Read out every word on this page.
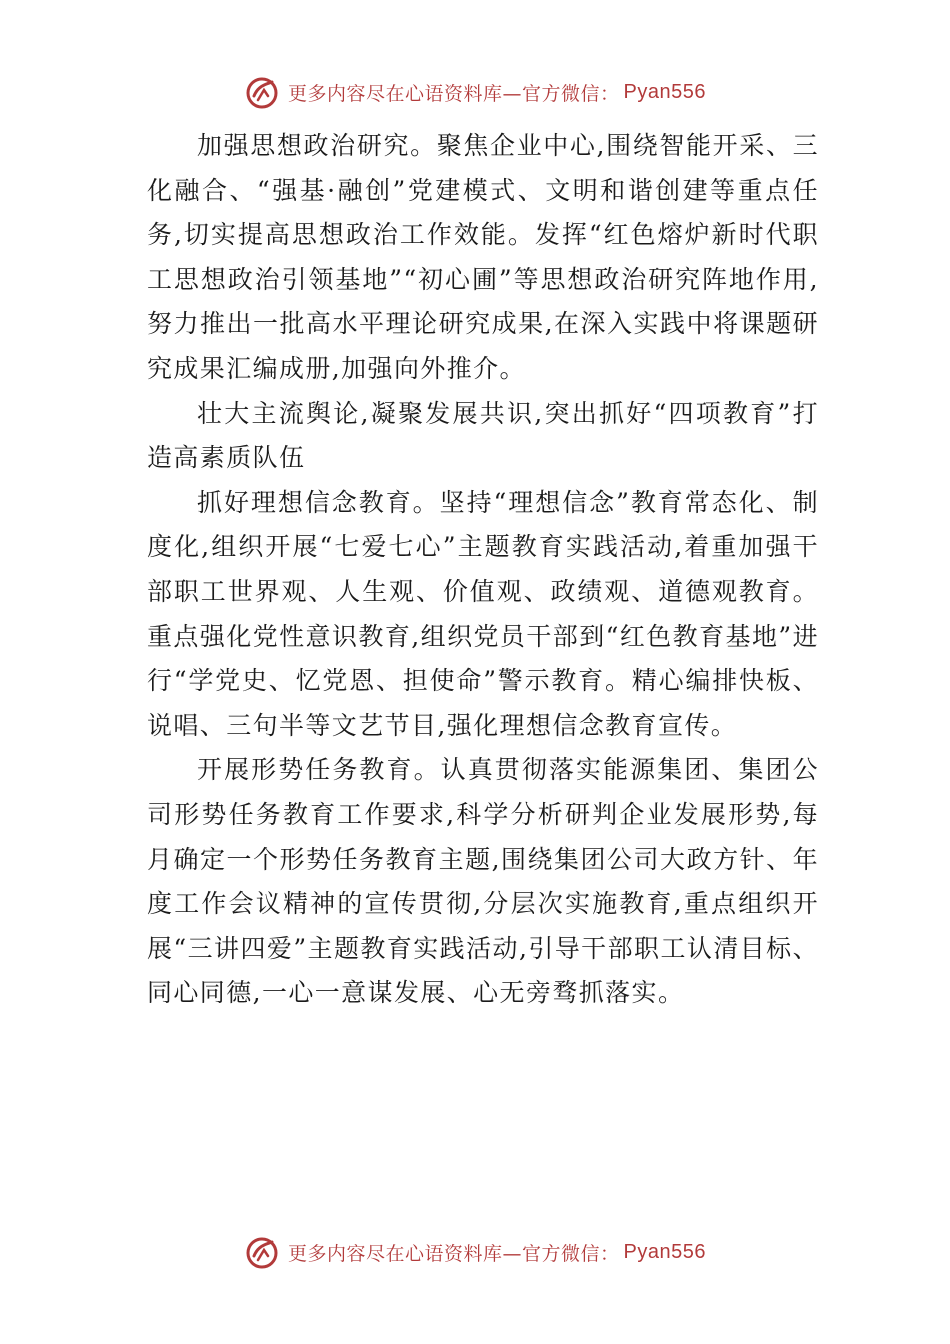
更多内容尽在心语资料库—官方微信： Pyan556

加强思想政治研究。聚焦企业中心,围绕智能开采、三化融合、“强基·融创”党建模式、文明和谐创建等重点任务,切实提高思想政治工作效能。发挥“红色熔炉新时代职工思想政治引领基地”“初心圃”等思想政治研究阵地作用,努力推出一批高水平理论研究成果,在深入实践中将课题研究成果汇编成册,加强向外推介。

壮大主流舆论,凝聚发展共识,突出抓好“四项教育”打造高素质队伍

抓好理想信念教育。坚持“理想信念”教育常态化、制度化,组织开展“七爱七心”主题教育实践活动,着重加强干部职工世界观、人生观、价值观、政绩观、道德观教育。重点强化党性意识教育,组织党员干部到“红色教育基地”进行“学党史、忆党恩、担使命”警示教育。精心编排快板、说唱、三句半等文艺节目,强化理想信念教育宣传。

开展形势任务教育。认真贯彻落实能源集团、集团公司形势任务教育工作要求,科学分析研判企业发展形势,每月确定一个形势任务教育主题,围绕集团公司大政方针、年度工作会议精神的宣传贯彻,分层次实施教育,重点组织开展“三讲四爱”主题教育实践活动,引导干部职工认清目标、同心同德,一心一意谋发展、心无旁骛抓落实。

更多内容尽在心语资料库—官方微信： Pyan556
